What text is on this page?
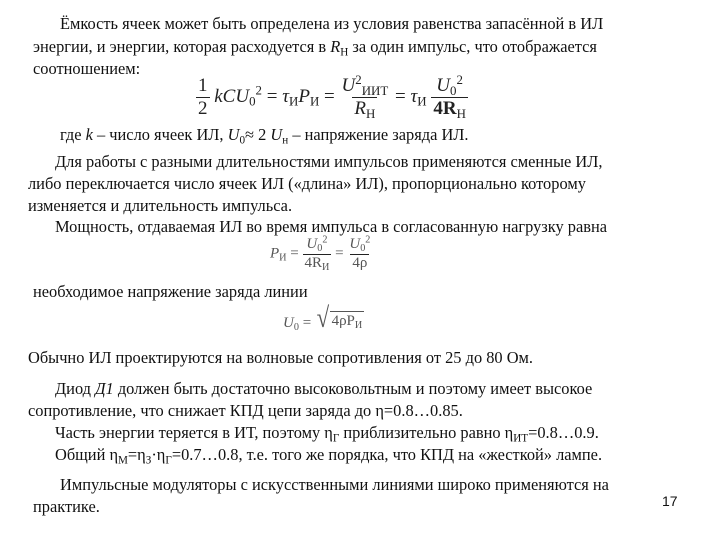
Ёмкость ячеек может быть определена из условия равенства запасённой в ИЛ
энергии, и энергии, которая расходуется в $R_Н$ за один импульс, что отображается
соотношением:
$\frac{1}{2} kCU_0^2 = \tau_ИP_И = \frac{U^2_{ИИТ}}{R_Н} = \tau_И \frac{U_0^2}{4R_Н}$
где k – число ячеек ИЛ, $U_0\approx 2$ $U_н$ – напряжение заряда ИЛ.
Для работы с разными длительностями импульсов применяются сменные ИЛ,
либо переключается число ячеек ИЛ («длина» ИЛ), пропорционально которому
изменяется и длительность импульса.
Мощность, отдаваемая ИЛ во время импульса в согласованную нагрузку равна
$P_И = \frac{U_0^2}{4R_И} = \frac{U_0^2}{4\rho}$
необходимое напряжение заряда линии
$U_0$ = √ $4\rho P_И$
Обычно ИЛ проектируются на волновые сопротивления от 25 до 80 Ом.
Диод Д1 должен быть достаточно высоковольтным и поэтому имеет высокое
сопротивление, что снижает КПД цепи заряда до η=0.8…0.85.
Часть энергии теряется в ИТ, поэтому $\eta_Г$ приблизительно равно $\eta_{ИТ}=0.8\dots 0.9$.
Общий $\eta_М=\eta_З\cdot\eta_Г=0.7\dots 0.8$, т.е. того же порядка, что КПД на «жесткой» лампе.
Импульсные модуляторы с искусственными линиями широко применяются на
практике.	17
